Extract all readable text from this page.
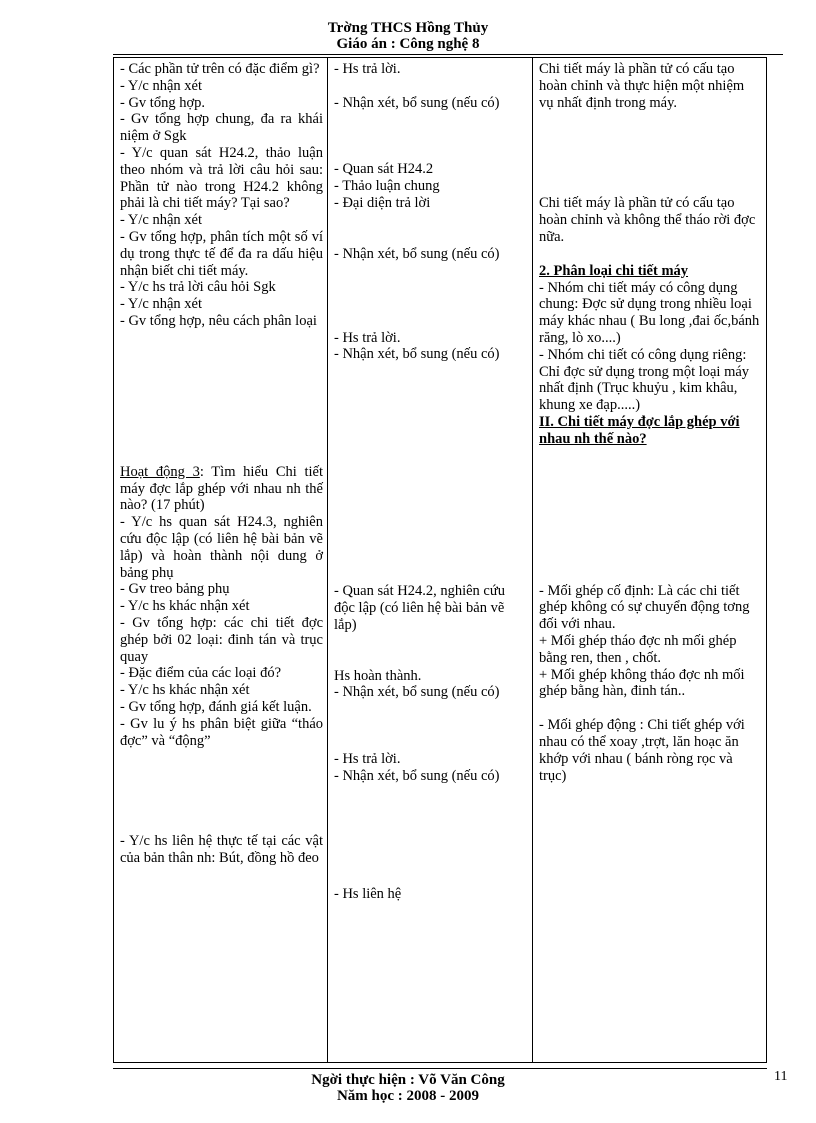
Trờng THCS Hồng Thủy
Giáo án : Công nghệ 8

- Các phần tử trên có đặc điểm gì?

- Y/c nhận xét

- Gv tổng hợp.

- Gv tổng hợp chung, đa ra khái niệm ở Sgk

- Y/c quan sát H24.2, thảo luận theo nhóm và trả lời câu hỏi sau: Phần tử nào trong H24.2 không phải là chi tiết máy? Tại sao?

- Y/c nhận xét

- Gv tổng hợp, phân tích một số ví dụ trong thực tế để đa ra dấu hiệu nhận biết chi tiết máy.

- Y/c hs trả lời câu hỏi Sgk

- Y/c nhận xét

- Gv tổng hợp, nêu cách phân loại

Hoạt động 3: Tìm hiểu Chi tiết máy đợc lắp ghép với nhau nh thế nào? (17 phút)

- Y/c hs quan sát H24.3, nghiên cứu độc lập (có liên hệ bài bản vẽ lắp) và hoàn thành nội dung ở bảng phụ

- Gv treo bảng phụ

- Y/c hs khác nhận xét

- Gv tổng hợp: các chi tiết đợc ghép bởi 02 loại: đinh tán và trục quay

- Đặc điểm của các loại đó?

- Y/c hs khác nhận xét

- Gv tổng hợp, đánh giá kết luận.

- Gv lu ý hs phân biệt giữa “tháo đợc” và “động”

- Y/c hs liên hệ thực tế tại các vật của bản thân nh: Bút, đồng hồ đeo

- Hs trả lời.

- Nhận xét, bổ sung (nếu có)

- Quan sát H24.2

- Thảo luận chung

- Đại diện trả lời

- Nhận xét, bổ sung (nếu có)

- Hs trả lời.

- Nhận xét, bổ sung (nếu có)

- Quan sát H24.2, nghiên cứu độc lập (có liên hệ bài bản vẽ lắp)

Hs hoàn thành.

- Nhận xét, bổ sung (nếu có)

- Hs trả lời.

- Nhận xét, bổ sung (nếu có)

- Hs liên hệ

Chi tiết máy là phần tử có cấu tạo hoàn chỉnh và thực hiện một nhiệm vụ nhất định trong máy.

Chi tiết máy là phần tử có cấu tạo hoàn chỉnh và không thể tháo rời đợc nữa.

2. Phân loại chi tiết máy

- Nhóm chi tiết máy có công dụng chung: Đợc sử dụng trong nhiều loại máy khác nhau ( Bu long ,đai ốc,bánh răng, lò xo....)

- Nhóm chi tiết có công dụng riêng: Chỉ đợc sử dụng trong một loại máy nhất định (Trục khuỷu , kim khâu, khung xe đạp.....)

II. Chi tiết máy đợc lắp ghép với nhau nh thế nào?

- Mối ghép cố định: Là các chi tiết ghép không có sự chuyển động tơng đối với nhau.

+ Mối ghép tháo đợc nh mối ghép bằng ren, then , chốt.

+ Mối ghép không tháo đợc nh mối ghép bằng hàn, đinh tán..

- Mối ghép động : Chi tiết ghép với nhau có thể xoay ,trợt, lăn hoạc ăn khớp với nhau ( bánh ròng rọc và trục)

Ngời thực hiện : Võ Văn Công
Năm học : 2008 - 2009
11
